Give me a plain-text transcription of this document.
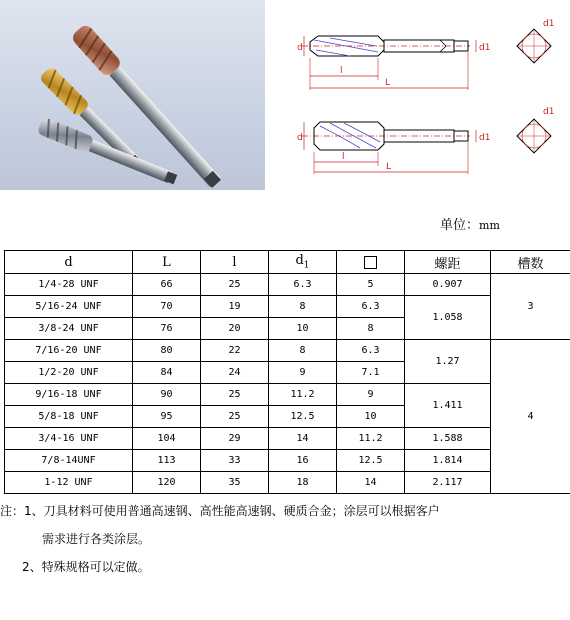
d	d1
l
L
d	d1
l
L
d1
d1
单位：mm
d	L	l	$d_1$		螺距	槽数
1/4-28 UNF	66	25	6.3	5	0.907	3
5/16-24 UNF	70	19	8	6.3	1.058	
3/8-24 UNF	76	20	10	8		
7/16-20 UNF	80	22	8	6.3	1.27	4
1/2-20 UNF	84	24	9	7.1		
9/16-18 UNF	90	25	11.2	9	1.411	
5/8-18 UNF	95	25	12.5	10		
3/4-16 UNF	104	29	14	11.2	1.588	
7/8-14UNF	113	33	16	12.5	1.814	
1-12 UNF	120	35	18	14	2.117	
注：1、刀具材料可使用普通高速钢、高性能高速钢、硬质合金；涂层可以根据客户
需求进行各类涂层。
2、特殊规格可以定做。
